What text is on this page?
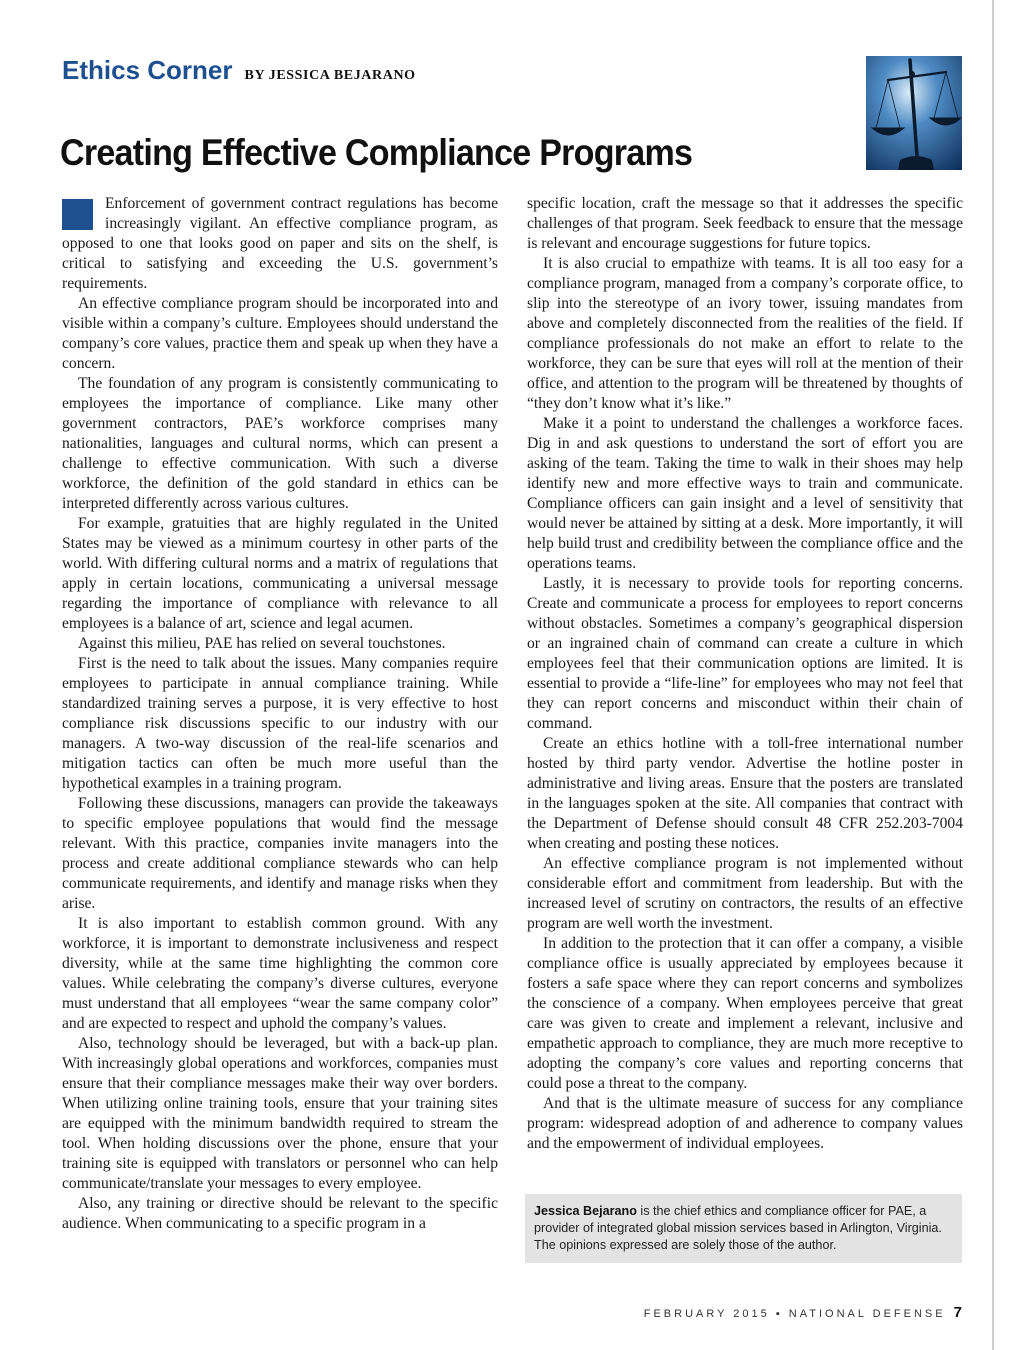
Ethics Corner BY JESSICA BEJARANO
Creating Effective Compliance Programs

Enforcement of government contract regulations has become increasingly vigilant. An effective compliance program, as opposed to one that looks good on paper and sits on the shelf, is critical to satisfying and exceeding the U.S. government’s requirements.

An effective compliance program should be incorporated into and visible within a company’s culture. Employees should understand the company’s core values, practice them and speak up when they have a concern.

The foundation of any program is consistently communicating to employees the importance of compliance. Like many other government contractors, PAE’s workforce comprises many nationalities, languages and cultural norms, which can present a challenge to effective communication. With such a diverse workforce, the definition of the gold standard in ethics can be interpreted differently across various cultures.

For example, gratuities that are highly regulated in the United States may be viewed as a minimum courtesy in other parts of the world. With differing cultural norms and a matrix of regulations that apply in certain locations, communicating a universal message regarding the importance of compliance with relevance to all employees is a balance of art, science and legal acumen.

Against this milieu, PAE has relied on several touchstones.

First is the need to talk about the issues. Many companies require employees to participate in annual compliance training. While standardized training serves a purpose, it is very effective to host compliance risk discussions specific to our industry with our managers. A two-way discussion of the real-life scenarios and mitigation tactics can often be much more useful than the hypothetical examples in a training program.

Following these discussions, managers can provide the takeaways to specific employee populations that would find the message relevant. With this practice, companies invite managers into the process and create additional compliance stewards who can help communicate requirements, and identify and manage risks when they arise.

It is also important to establish common ground. With any workforce, it is important to demonstrate inclusiveness and respect diversity, while at the same time highlighting the common core values. While celebrating the company’s diverse cultures, everyone must understand that all employees “wear the same company color” and are expected to respect and uphold the company’s values.

Also, technology should be leveraged, but with a back-up plan. With increasingly global operations and workforces, companies must ensure that their compliance messages make their way over borders. When utilizing online training tools, ensure that your training sites are equipped with the minimum bandwidth required to stream the tool. When holding discussions over the phone, ensure that your training site is equipped with translators or personnel who can help communicate/translate your messages to every employee.

Also, any training or directive should be relevant to the specific audience. When communicating to a specific program in a

specific location, craft the message so that it addresses the specific challenges of that program. Seek feedback to ensure that the message is relevant and encourage suggestions for future topics.

It is also crucial to empathize with teams. It is all too easy for a compliance program, managed from a company’s corporate office, to slip into the stereotype of an ivory tower, issuing mandates from above and completely disconnected from the realities of the field. If compliance professionals do not make an effort to relate to the workforce, they can be sure that eyes will roll at the mention of their office, and attention to the program will be threatened by thoughts of “they don’t know what it’s like.”

Make it a point to understand the challenges a workforce faces. Dig in and ask questions to understand the sort of effort you are asking of the team. Taking the time to walk in their shoes may help identify new and more effective ways to train and communicate. Compliance officers can gain insight and a level of sensitivity that would never be attained by sitting at a desk. More importantly, it will help build trust and credibility between the compliance office and the operations teams.

Lastly, it is necessary to provide tools for reporting concerns. Create and communicate a process for employees to report concerns without obstacles. Sometimes a company’s geographical dispersion or an ingrained chain of command can create a culture in which employees feel that their communication options are limited. It is essential to provide a “life-line” for employees who may not feel that they can report concerns and misconduct within their chain of command.

Create an ethics hotline with a toll-free international number hosted by third party vendor. Advertise the hotline poster in administrative and living areas. Ensure that the posters are translated in the languages spoken at the site. All companies that contract with the Department of Defense should consult 48 CFR 252.203-7004 when creating and posting these notices.

An effective compliance program is not implemented without considerable effort and commitment from leadership. But with the increased level of scrutiny on contractors, the results of an effective program are well worth the investment.

In addition to the protection that it can offer a company, a visible compliance office is usually appreciated by employees because it fosters a safe space where they can report concerns and symbolizes the conscience of a company. When employees perceive that great care was given to create and implement a relevant, inclusive and empathetic approach to compliance, they are much more receptive to adopting the company’s core values and reporting concerns that could pose a threat to the company.

And that is the ultimate measure of success for any compliance program: widespread adoption of and adherence to company values and the empowerment of individual employees.

Jessica Bejarano is the chief ethics and compliance officer for PAE, a provider of integrated global mission services based in Arlington, Virginia. The opinions expressed are solely those of the author.
FEBRUARY 2015 ▪ NATIONAL DEFENSE 7
